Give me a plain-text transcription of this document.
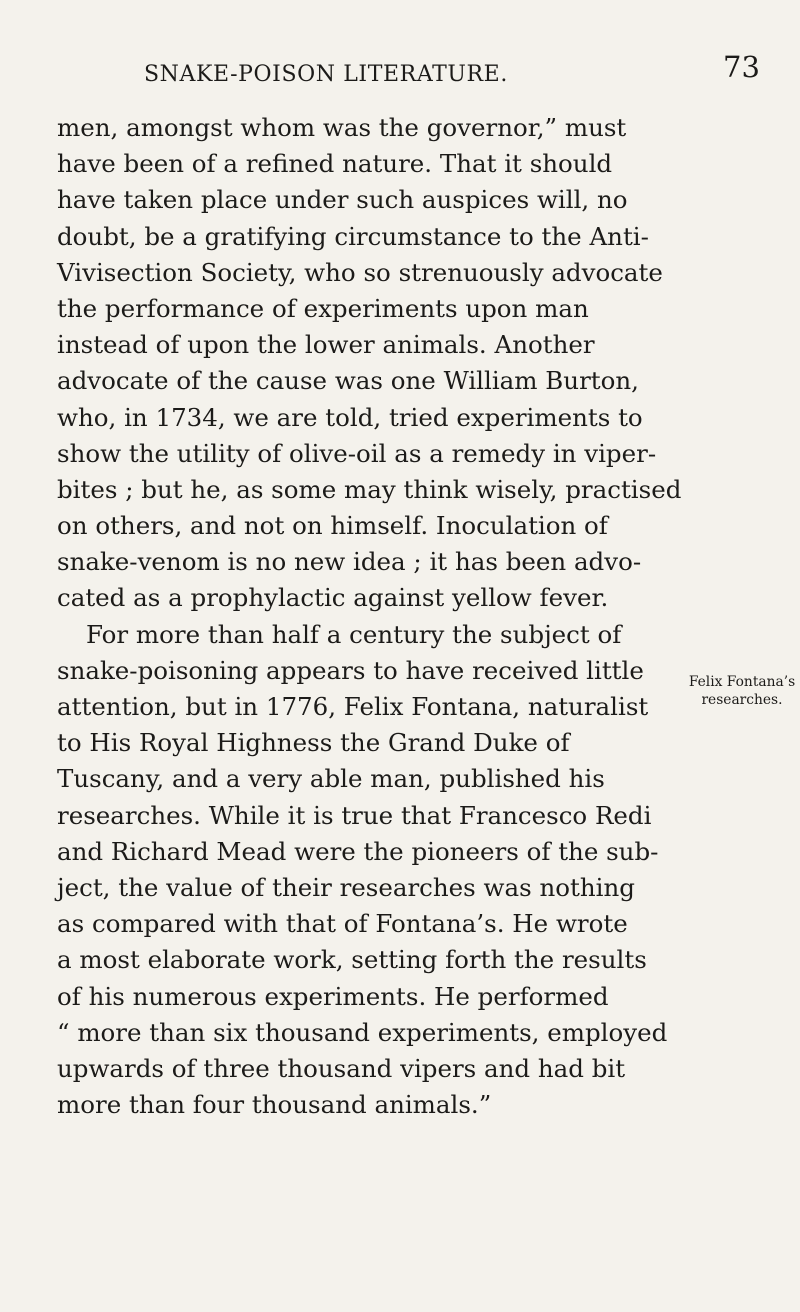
SNAKE-POISON LITERATURE.	73
men, amongst whom was the governor,” must
have been of a refined nature. That it should
have taken place under such auspices will, no
doubt, be a gratifying circumstance to the Anti-
Vivisection Society, who so strenuously advocate
the performance of experiments upon man
instead of upon the lower animals. Another
advocate of the cause was one William Burton,
who, in 1734, we are told, tried experiments to
show the utility of olive-oil as a remedy in viper-
bites ; but he, as some may think wisely, practised
on others, and not on himself. Inoculation of
snake-venom is no new idea ; it has been advo-
cated as a prophylactic against yellow fever.
For more than half a century the subject of
snake-poisoning appears to have received little
attention, but in 1776, Felix Fontana, naturalist
to His Royal Highness the Grand Duke of
Tuscany, and a very able man, published his
researches. While it is true that Francesco Redi
and Richard Mead were the pioneers of the sub-
ject, the value of their researches was nothing
as compared with that of Fontana’s. He wrote
a most elaborate work, setting forth the results
of his numerous experiments. He performed
“ more than six thousand experiments, employed
upwards of three thousand vipers and had bit
more than four thousand animals.”
Felix Fontana’s
researches.
